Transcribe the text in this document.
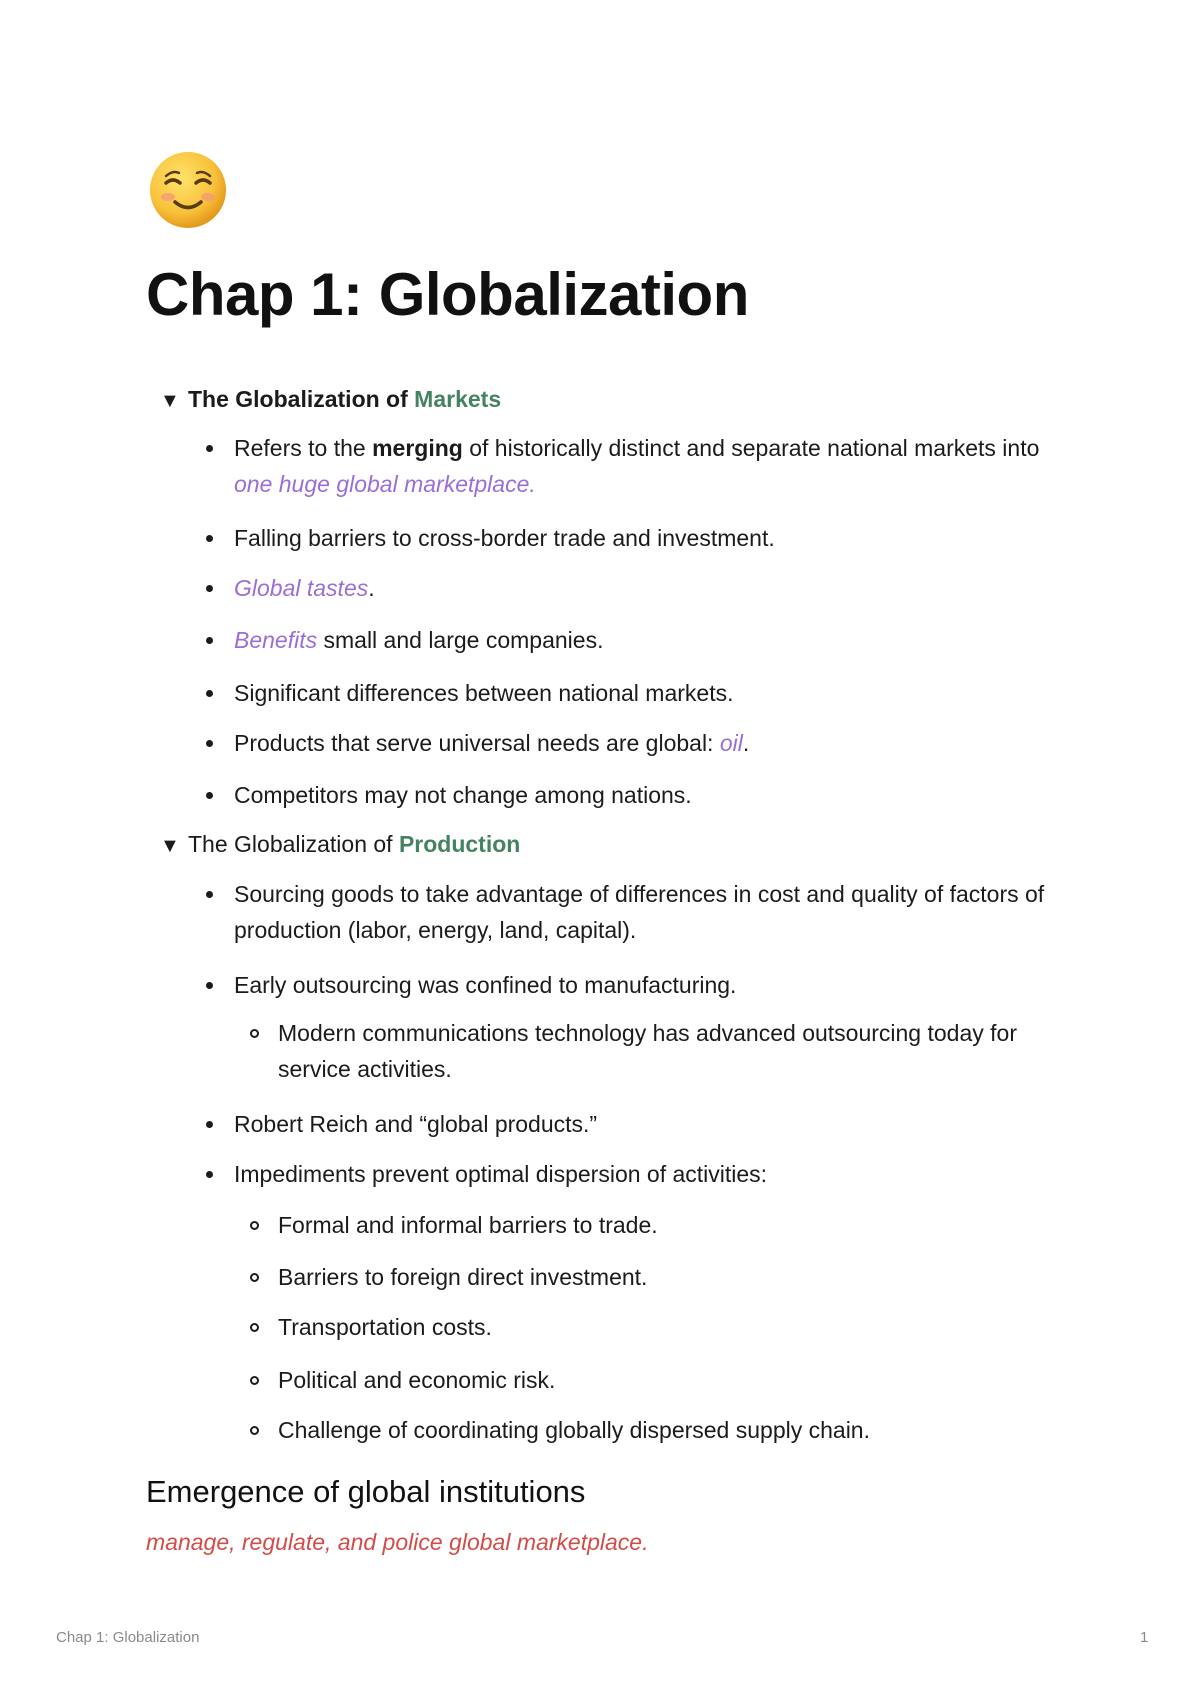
Chap 1: Globalization
▼ The Globalization of Markets
Refers to the merging of historically distinct and separate national markets into one huge global marketplace.
Falling barriers to cross-border trade and investment.
Global tastes.
Benefits small and large companies.
Significant differences between national markets.
Products that serve universal needs are global: oil.
Competitors may not change among nations.
▼ The Globalization of Production
Sourcing goods to take advantage of differences in cost and quality of factors of production (labor, energy, land, capital).
Early outsourcing was confined to manufacturing.
Modern communications technology has advanced outsourcing today for service activities.
Robert Reich and “global products.”
Impediments prevent optimal dispersion of activities:
Formal and informal barriers to trade.
Barriers to foreign direct investment.
Transportation costs.
Political and economic risk.
Challenge of coordinating globally dispersed supply chain.
Emergence of global institutions
manage, regulate, and police global marketplace.
Chap 1: Globalization	1
